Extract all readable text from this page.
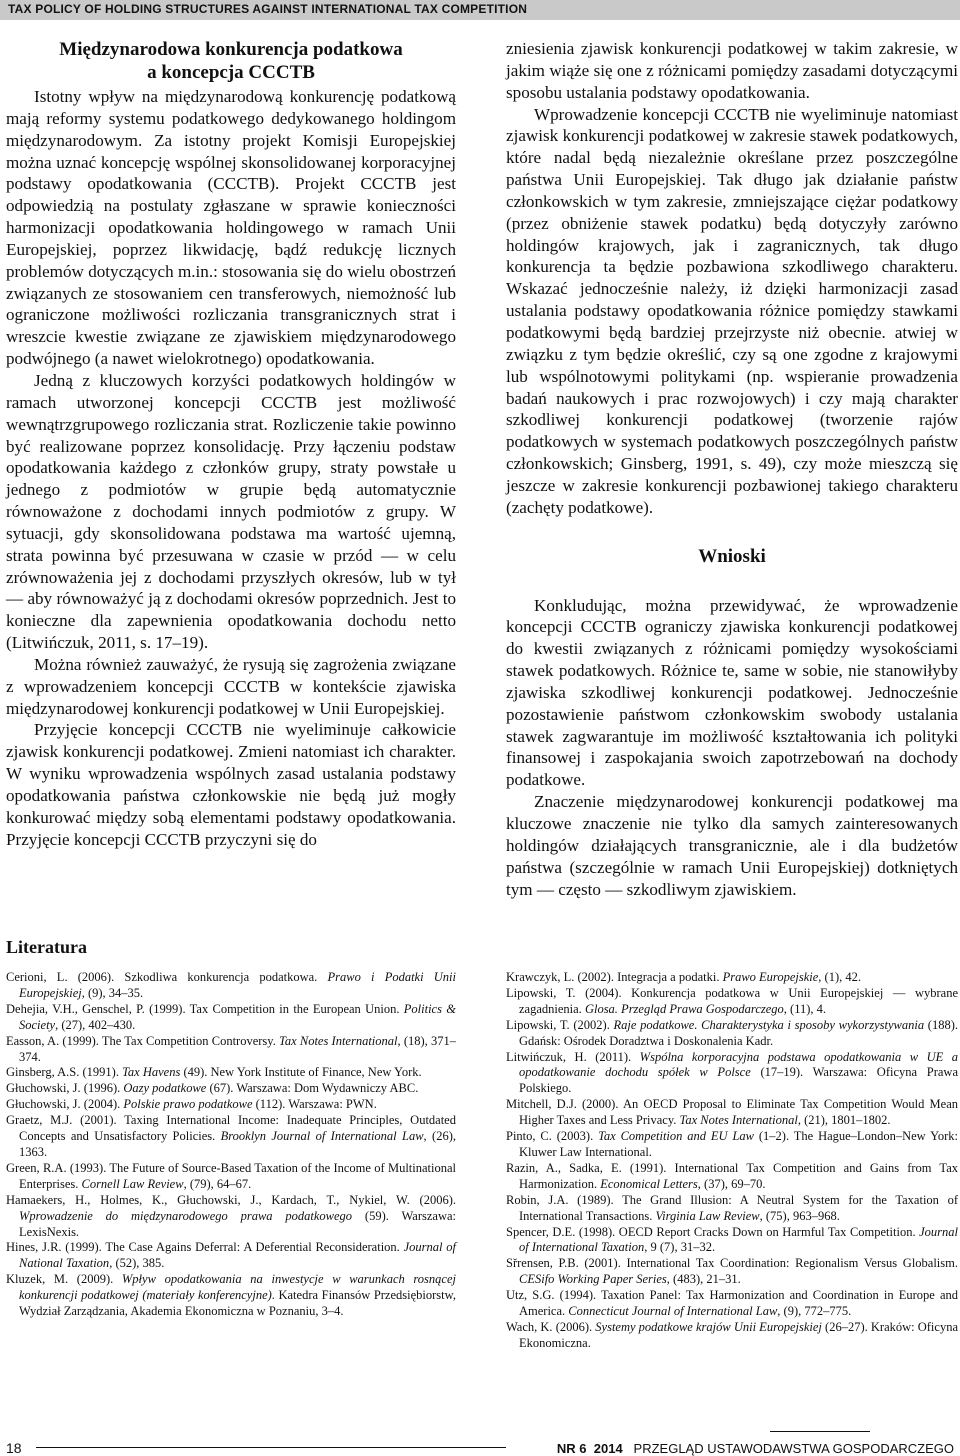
TAX POLICY OF HOLDING STRUCTURES AGAINST INTERNATIONAL TAX COMPETITION
Międzynarodowa konkurencja podatkowa
a koncepcja CCCTB

Istotny wpływ na międzynarodową konkurencję podatkową mają reformy systemu podatkowego dedykowanego holdingom międzynarodowym. Za istotny projekt Komisji Europejskiej można uznać koncepcję wspólnej skonsolidowanej korporacyjnej podstawy opodatkowania (CCCTB). Projekt CCCTB jest odpowiedzią na postulaty zgłaszane w sprawie konieczności harmonizacji opodatkowania holdingowego w ramach Unii Europejskiej, poprzez likwidację, bądź redukcję licznych problemów dotyczących m.in.: stosowania się do wielu obostrzeń związanych ze stosowaniem cen transferowych, niemożność lub ograniczone możliwości rozliczania transgranicznych strat i wreszcie kwestie związane ze zjawiskiem międzynarodowego podwójnego (a nawet wielokrotnego) opodatkowania.

Jedną z kluczowych korzyści podatkowych holdingów w ramach utworzonej koncepcji CCCTB jest możliwość wewnątrzgrupowego rozliczania strat. Rozliczenie takie powinno być realizowane poprzez konsolidację. Przy łączeniu podstaw opodatkowania każdego z członków grupy, straty powstałe u jednego z podmiotów w grupie będą automatycznie równoważone z dochodami innych podmiotów z grupy. W sytuacji, gdy skonsolidowana podstawa ma wartość ujemną, strata powinna być przesuwana w czasie w przód — w celu zrównoważenia jej z dochodami przyszłych okresów, lub w tył — aby równoważyć ją z dochodami okresów poprzednich. Jest to konieczne dla zapewnienia opodatkowania dochodu netto (Litwińczuk, 2011, s. 17–19).

Można również zauważyć, że rysują się zagrożenia związane z wprowadzeniem koncepcji CCCTB w kontekście zjawiska międzynarodowej konkurencji podatkowej w Unii Europejskiej.

Przyjęcie koncepcji CCCTB nie wyeliminuje całkowicie zjawisk konkurencji podatkowej. Zmieni natomiast ich charakter. W wyniku wprowadzenia wspólnych zasad ustalania podstawy opodatkowania państwa członkowskie nie będą już mogły konkurować między sobą elementami podstawy opodatkowania. Przyjęcie koncepcji CCCTB przyczyni się do

zniesienia zjawisk konkurencji podatkowej w takim zakresie, w jakim wiąże się one z różnicami pomiędzy zasadami dotyczącymi sposobu ustalania podstawy opodatkowania.

Wprowadzenie koncepcji CCCTB nie wyeliminuje natomiast zjawisk konkurencji podatkowej w zakresie stawek podatkowych, które nadal będą niezależnie określane przez poszczególne państwa Unii Europejskiej. Tak długo jak działanie państw członkowskich w tym zakresie, zmniejszające ciężar podatkowy (przez obniżenie stawek podatku) będą dotyczyły zarówno holdingów krajowych, jak i zagranicznych, tak długo konkurencja ta będzie pozbawiona szkodliwego charakteru. Wskazać jednocześnie należy, iż dzięki harmonizacji zasad ustalania podstawy opodatkowania różnice pomiędzy stawkami podatkowymi będą bardziej przejrzyste niż obecnie. atwiej w związku z tym będzie określić, czy są one zgodne z krajowymi lub wspólnotowymi politykami (np. wspieranie prowadzenia badań naukowych i prac rozwojowych) i czy mają charakter szkodliwej konkurencji podatkowej (tworzenie rajów podatkowych w systemach podatkowych poszczególnych państw członkowskich; Ginsberg, 1991, s. 49), czy może mieszczą się jeszcze w zakresie konkurencji pozbawionej takiego charakteru (zachęty podatkowe).

Wnioski

Konkludując, można przewidywać, że wprowadzenie koncepcji CCCTB ograniczy zjawiska konkurencji podatkowej do kwestii związanych z różnicami pomiędzy wysokościami stawek podatkowych. Różnice te, same w sobie, nie stanowiłyby zjawiska szkodliwej konkurencji podatkowej. Jednocześnie pozostawienie państwom członkowskim swobody ustalania stawek zagwarantuje im możliwość kształtowania ich polityki finansowej i zaspokajania swoich zapotrzebowań na dochody podatkowe.

Znaczenie międzynarodowej konkurencji podatkowej ma kluczowe znaczenie nie tylko dla samych zainteresowanych holdingów działających transgranicznie, ale i dla budżetów państwa (szczególnie w ramach Unii Europejskiej) dotkniętych tym — często — szkodliwym zjawiskiem.

Literatura

Cerioni, L. (2006). Szkodliwa konkurencja podatkowa. Prawo i Podatki Unii Europejskiej, (9), 34–35.

Dehejia, V.H., Genschel, P. (1999). Tax Competition in the European Union. Politics & Society, (27), 402–430.

Easson, A. (1999). The Tax Competition Controversy. Tax Notes International, (18), 371–374.

Ginsberg, A.S. (1991). Tax Havens (49). New York Institute of Finance, New York.

Głuchowski, J. (1996). Oazy podatkowe (67). Warszawa: Dom Wydawniczy ABC.

Głuchowski, J. (2004). Polskie prawo podatkowe (112). Warszawa: PWN.

Graetz, M.J. (2001). Taxing International Income: Inadequate Principles, Outdated Concepts and Unsatisfactory Policies. Brooklyn Journal of International Law, (26), 1363.

Green, R.A. (1993). The Future of Source-Based Taxation of the Income of Multinational Enterprises. Cornell Law Review, (79), 64–67.

Hamaekers, H., Holmes, K., Głuchowski, J., Kardach, T., Nykiel, W. (2006). Wprowadzenie do międzynarodowego prawa podatkowego (59). Warszawa: LexisNexis.

Hines, J.R. (1999). The Case Agains Deferral: A Deferential Reconsideration. Journal of National Taxation, (52), 385.

Kluzek, M. (2009). Wpływ opodatkowania na inwestycje w warunkach rosnącej konkurencji podatkowej (materiały konferencyjne). Katedra Finansów Przedsiębiorstw, Wydział Zarządzania, Akademia Ekonomiczna w Poznaniu, 3–4.

Krawczyk, L. (2002). Integracja a podatki. Prawo Europejskie, (1), 42.

Lipowski, T. (2004). Konkurencja podatkowa w Unii Europejskiej — wybrane zagadnienia. Glosa. Przegląd Prawa Gospodarczego, (11), 4.

Lipowski, T. (2002). Raje podatkowe. Charakterystyka i sposoby wykorzystywania (188). Gdańsk: Ośrodek Doradztwa i Doskonalenia Kadr.

Litwińczuk, H. (2011). Wspólna korporacyjna podstawa opodatkowania w UE a opodatkowanie dochodu spółek w Polsce (17–19). Warszawa: Oficyna Prawa Polskiego.

Mitchell, D.J. (2000). An OECD Proposal to Eliminate Tax Competition Would Mean Higher Taxes and Less Privacy. Tax Notes International, (21), 1801–1802.

Pinto, C. (2003). Tax Competition and EU Law (1–2). The Hague–London–New York: Kluwer Law International.

Razin, A., Sadka, E. (1991). International Tax Competition and Gains from Tax Harmonization. Economical Letters, (37), 69–70.

Robin, J.A. (1989). The Grand Illusion: A Neutral System for the Taxation of International Transactions. Virginia Law Review, (75), 963–968.

Spencer, D.E. (1998). OECD Report Cracks Down on Harmful Tax Competition. Journal of International Taxation, 9 (7), 31–32.

Sřrensen, P.B. (2001). International Tax Coordination: Regionalism Versus Globalism. CESifo Working Paper Series, (483), 21–31.

Utz, S.G. (1994). Taxation Panel: Tax Harmonization and Coordination in Europe and America. Connecticut Journal of International Law, (9), 772–775.

Wach, K. (2006). Systemy podatkowe krajów Unii Europejskiej (26–27). Kraków: Oficyna Ekonomiczna.

18	NR 6 2014 PRZEGLĄD USTAWODAWSTWA GOSPODARCZEGO
